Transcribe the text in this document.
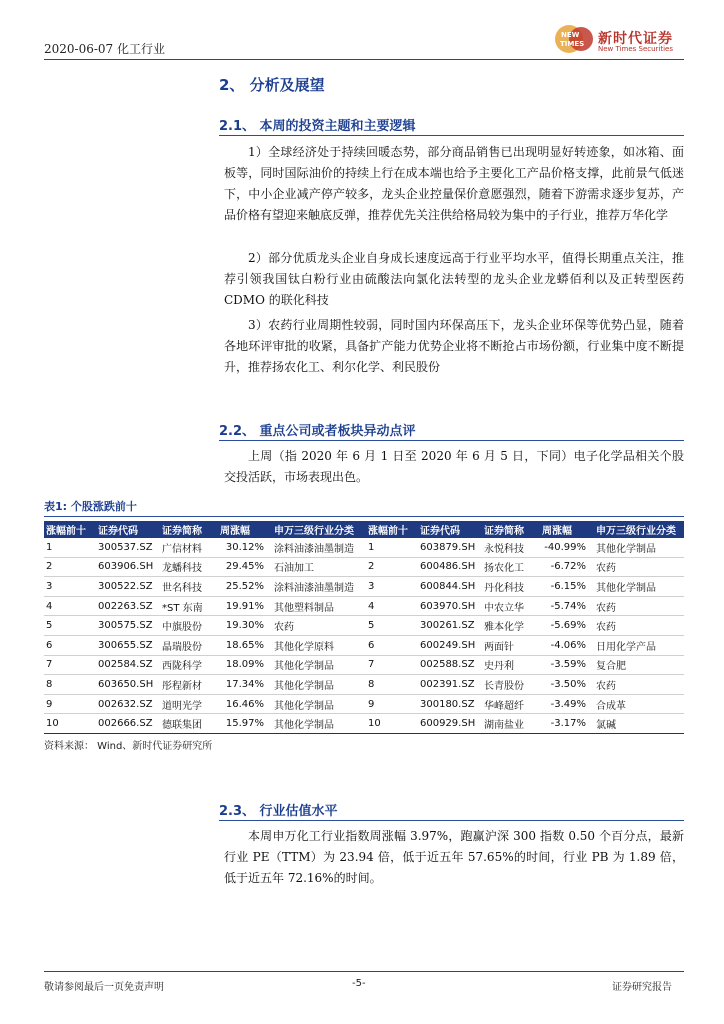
2020-06-07 化工行业
NEW
TIMES 新时代证券
New Times Securities
2、 分析及展望
2.1、 本周的投资主题和主要逻辑
1）全球经济处于持续回暖态势，部分商品销售已出现明显好转迹象，如冰箱、面板等，同时国际油价的持续上行在成本端也给予主要化工产品价格支撑，此前景气低迷下，中小企业减产停产较多，龙头企业控量保价意愿强烈，随着下游需求逐步复苏，产品价格有望迎来触底反弹，推荐优先关注供给格局较为集中的子行业，推荐万华化学
2）部分优质龙头企业自身成长速度远高于行业平均水平，值得长期重点关注，推荐引领我国钛白粉行业由硫酸法向氯化法转型的龙头企业龙蟒佰利以及正转型医药 CDMO 的联化科技
3）农药行业周期性较弱，同时国内环保高压下，龙头企业环保等优势凸显，随着各地环评审批的收紧，具备扩产能力优势企业将不断抢占市场份额，行业集中度不断提升，推荐扬农化工、利尔化学、利民股份
2.2、 重点公司或者板块异动点评
上周（指 2020 年 6 月 1 日至 2020 年 6 月 5 日，下同）电子化学品相关个股交投活跃，市场表现出色。
表1: 个股涨跌前十
涨幅前十	证券代码	证券简称	周涨幅	申万三级行业分类	涨幅前十	证券代码	证券简称	周涨幅	申万三级行业分类
1	300537.SZ	广信材料	30.12%	涂料油漆油墨制造	1	603879.SH	永悦科技	-40.99%	其他化学制品
2	603906.SH	龙蟠科技	29.45%	石油加工	2	600486.SH	扬农化工	-6.72%	农药
3	300522.SZ	世名科技	25.52%	涂料油漆油墨制造	3	600844.SH	丹化科技	-6.15%	其他化学制品
4	002263.SZ	*ST 东南	19.91%	其他塑料制品	4	603970.SH	中农立华	-5.74%	农药
5	300575.SZ	中旗股份	19.30%	农药	5	300261.SZ	雅本化学	-5.69%	农药
6	300655.SZ	晶瑞股份	18.65%	其他化学原料	6	600249.SH	两面针	-4.06%	日用化学产品
7	002584.SZ	西陇科学	18.09%	其他化学制品	7	002588.SZ	史丹利	-3.59%	复合肥
8	603650.SH	彤程新材	17.34%	其他化学制品	8	002391.SZ	长青股份	-3.50%	农药
9	002632.SZ	道明光学	16.46%	其他化学制品	9	300180.SZ	华峰超纤	-3.49%	合成革
10	002666.SZ	德联集团	15.97%	其他化学制品	10	600929.SH	湖南盐业	-3.17%	氯碱
资料来源： Wind、新时代证券研究所
2.3、 行业估值水平
本周申万化工行业指数周涨幅 3.97%，跑赢沪深 300 指数 0.50 个百分点，最新行业 PE（TTM）为 23.94 倍，低于近五年 57.65%的时间，行业 PB 为 1.89 倍，低于近五年 72.16%的时间。
敬请参阅最后一页免责声明	-5-	证券研究报告
